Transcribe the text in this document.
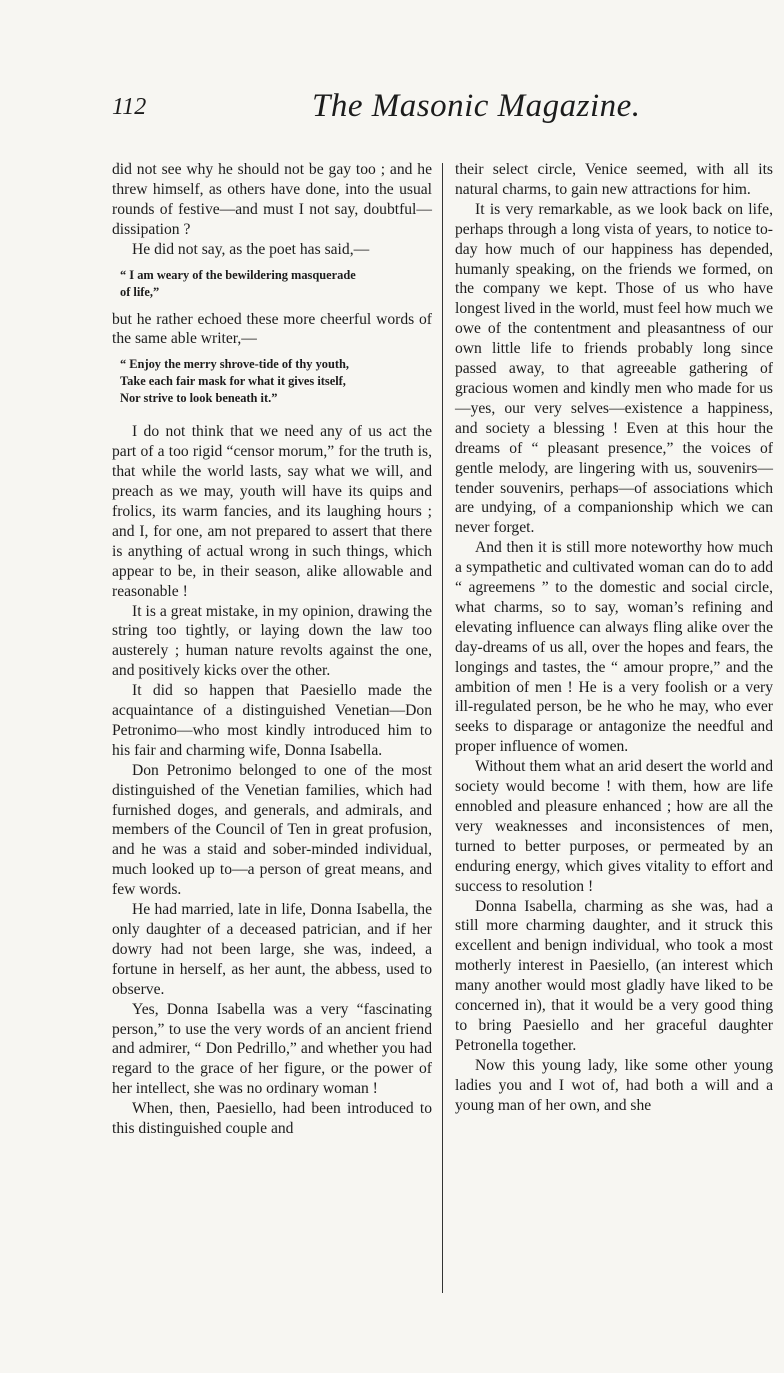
112	The Masonic Magazine.

did not see why he should not be gay too ; and he threw himself, as others have done, into the usual rounds of festive—and must I not say, doubtful—dissipation ?

He did not say, as the poet has said,—

“ I am weary of the bewildering masquerade
of life,”

but he rather echoed these more cheerful words of the same able writer,—

“ Enjoy the merry shrove-tide of thy youth,
Take each fair mask for what it gives itself,
Nor strive to look beneath it.”

I do not think that we need any of us act the part of a too rigid “censor morum,” for the truth is, that while the world lasts, say what we will, and preach as we may, youth will have its quips and frolics, its warm fancies, and its laughing hours ; and I, for one, am not prepared to assert that there is anything of actual wrong in such things, which appear to be, in their season, alike allowable and reasonable !

It is a great mistake, in my opinion, drawing the string too tightly, or laying down the law too austerely ; human nature revolts against the one, and positively kicks over the other.

It did so happen that Paesiello made the acquaintance of a distinguished Venetian—Don Petronimo—who most kindly introduced him to his fair and charming wife, Donna Isabella.

Don Petronimo belonged to one of the most distinguished of the Venetian families, which had furnished doges, and generals, and admirals, and members of the Council of Ten in great profusion, and he was a staid and sober-minded individual, much looked up to—a person of great means, and few words.

He had married, late in life, Donna Isabella, the only daughter of a deceased patrician, and if her dowry had not been large, she was, indeed, a fortune in herself, as her aunt, the abbess, used to observe.

Yes, Donna Isabella was a very “fascinating person,” to use the very words of an ancient friend and admirer, “ Don Pedrillo,” and whether you had regard to the grace of her figure, or the power of her intellect, she was no ordinary woman !

When, then, Paesiello, had been introduced to this distinguished couple and

their select circle, Venice seemed, with all its natural charms, to gain new attractions for him.

It is very remarkable, as we look back on life, perhaps through a long vista of years, to notice to-day how much of our happiness has depended, humanly speaking, on the friends we formed, on the company we kept. Those of us who have longest lived in the world, must feel how much we owe of the contentment and pleasantness of our own little life to friends probably long since passed away, to that agreeable gathering of gracious women and kindly men who made for us —yes, our very selves—existence a happiness, and society a blessing ! Even at this hour the dreams of “ pleasant presence,” the voices of gentle melody, are lingering with us, souvenirs—tender souvenirs, perhaps—of associations which are undying, of a companionship which we can never forget.

And then it is still more noteworthy how much a sympathetic and cultivated woman can do to add “ agreemens ” to the domestic and social circle, what charms, so to say, woman’s refining and elevating influence can always fling alike over the day-dreams of us all, over the hopes and fears, the longings and tastes, the “ amour propre,” and the ambition of men ! He is a very foolish or a very ill-regulated person, be he who he may, who ever seeks to disparage or antagonize the needful and proper influence of women.

Without them what an arid desert the world and society would become ! with them, how are life ennobled and pleasure enhanced ; how are all the very weaknesses and inconsistences of men, turned to better purposes, or permeated by an enduring energy, which gives vitality to effort and success to resolution !

Donna Isabella, charming as she was, had a still more charming daughter, and it struck this excellent and benign individual, who took a most motherly interest in Paesiello, (an interest which many another would most gladly have liked to be concerned in), that it would be a very good thing to bring Paesiello and her graceful daughter Petronella together.

Now this young lady, like some other young ladies you and I wot of, had both a will and a young man of her own, and she
